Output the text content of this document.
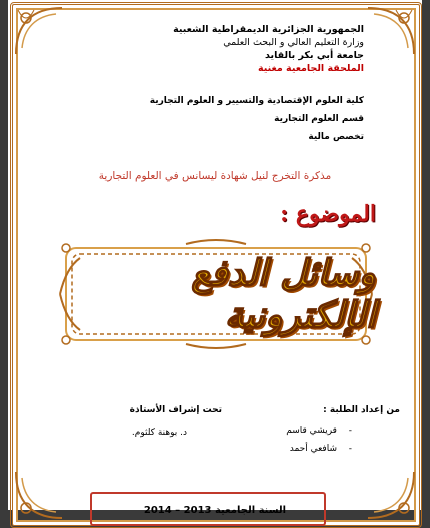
الجمهورية الجزائرية الديمقراطية الشعبية
وزارة التعليم العالي و البحث العلمي
جامعة أبي بكر بالقايد
الملحقة الجامعية مغنية
كلية العلوم الإقتصادية والتسيير و العلوم التجارية
قسم العلوم التجارية
تخصص مالية
مذكرة التخرج لنيل شهادة ليسانس في العلوم التجارية
الموضوع :
وسائل الدفع الإلكترونية
من إعداد الطلبة :
تحت إشراف الأستاذة
-
قريشي قاسم
-
شافعي أحمد
د. بوهنة كلثوم.
السنة الجامعية 2013 – 2014
